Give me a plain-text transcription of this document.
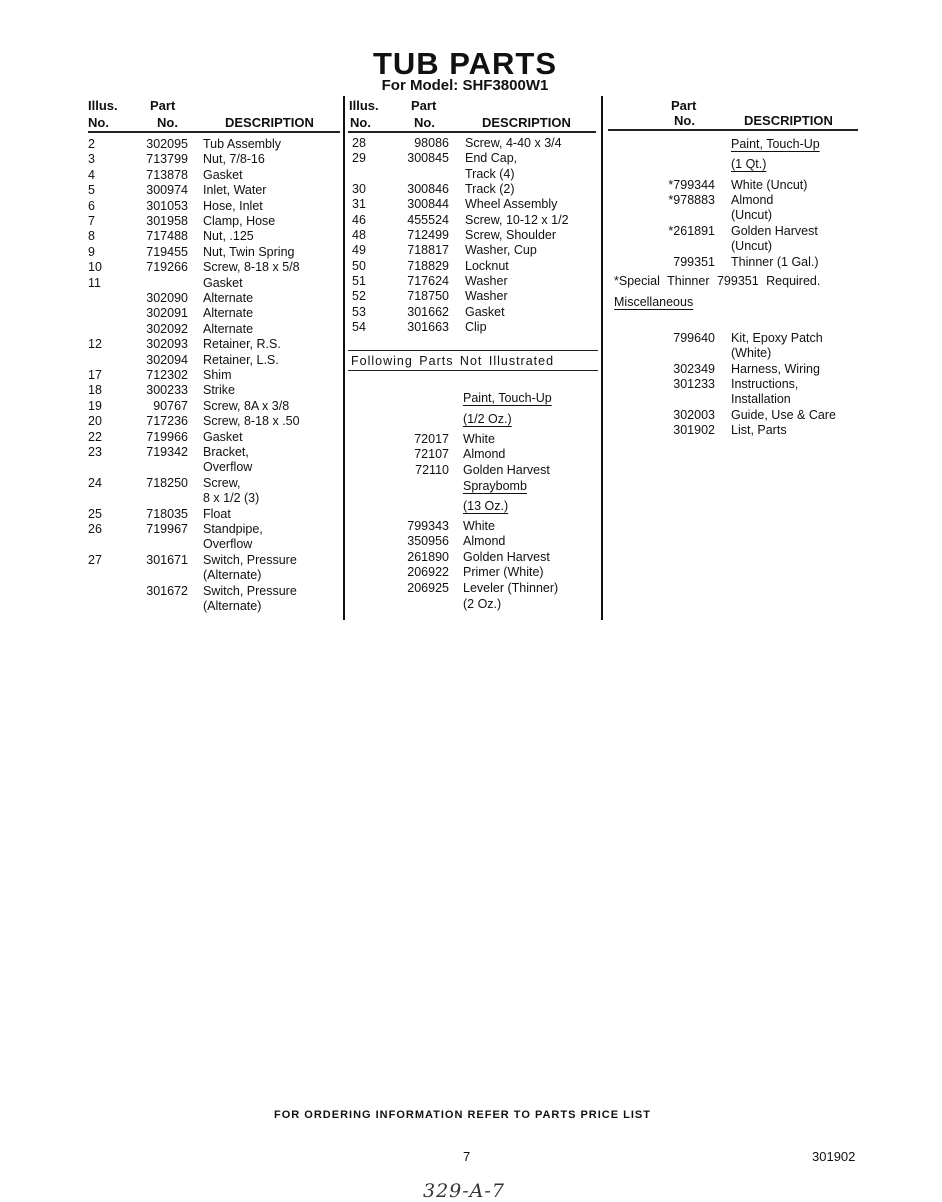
TUB PARTS
For Model: SHF3800W1
Illus.
No.
Part
No.	DESCRIPTION
Illus.
No.
Part
No.	DESCRIPTION
Part
No.	DESCRIPTION
2	302095 Tub Assembly
3	713799 Nut, 7/8-16
4	713878 Gasket
5	300974 Inlet, Water
6	301053 Hose, Inlet
7	301958 Clamp, Hose
8	717488 Nut, .125
9	719455 Nut, Twin Spring
10	719266 Screw, 8-18 x 5/8
11	Gasket
302090 Alternate
302091 Alternate
302092 Alternate
12	302093 Retainer, R.S.
302094 Retainer, L.S.
17	712302 Shim
18	300233 Strike
19	90767 Screw, 8A x 3/8
20	717236 Screw, 8-18 x .50
22	719966 Gasket
23	719342 Bracket,
Overflow
24	718250 Screw,
8 x 1/2 (3)
25	718035 Float
26	719967 Standpipe,
Overflow
27	301671 Switch, Pressure
(Alternate)
301672 Switch, Pressure
(Alternate)
28	98086 Screw, 4-40 x 3/4
29	300845 End Cap,
Track (4)
30	300846 Track (2)
31	300844 Wheel Assembly
46	455524 Screw, 10-12 x 1/2
48	712499 Screw, Shoulder
49	718817 Washer, Cup
50	718829 Locknut
51	717624 Washer
52	718750 Washer
53	301662 Gasket
54	301663 Clip
Paint, Touch-Up
(1/2 Oz.)
72017 White
72107 Almond
72110 Golden Harvest
Spraybomb
(13 Oz.)
799343 White
350956 Almond
261890 Golden Harvest
206922 Primer (White)
206925 Leveler (Thinner)
(2 Oz.)
Paint, Touch-Up
(1 Qt.)
*799344 White (Uncut)
*978883 Almond
(Uncut)
*261891 Golden Harvest
(Uncut)
799351 Thinner (1 Gal.)
799640 Kit, Epoxy Patch
(White)
302349 Harness, Wiring
301233 Instructions,
Installation
302003 Guide, Use & Care
301902 List, Parts
Following Parts Not Illustrated
*Special Thinner 799351 Required.
Miscellaneous
FOR ORDERING INFORMATION REFER TO PARTS PRICE LIST
7	301902
329-A-7
